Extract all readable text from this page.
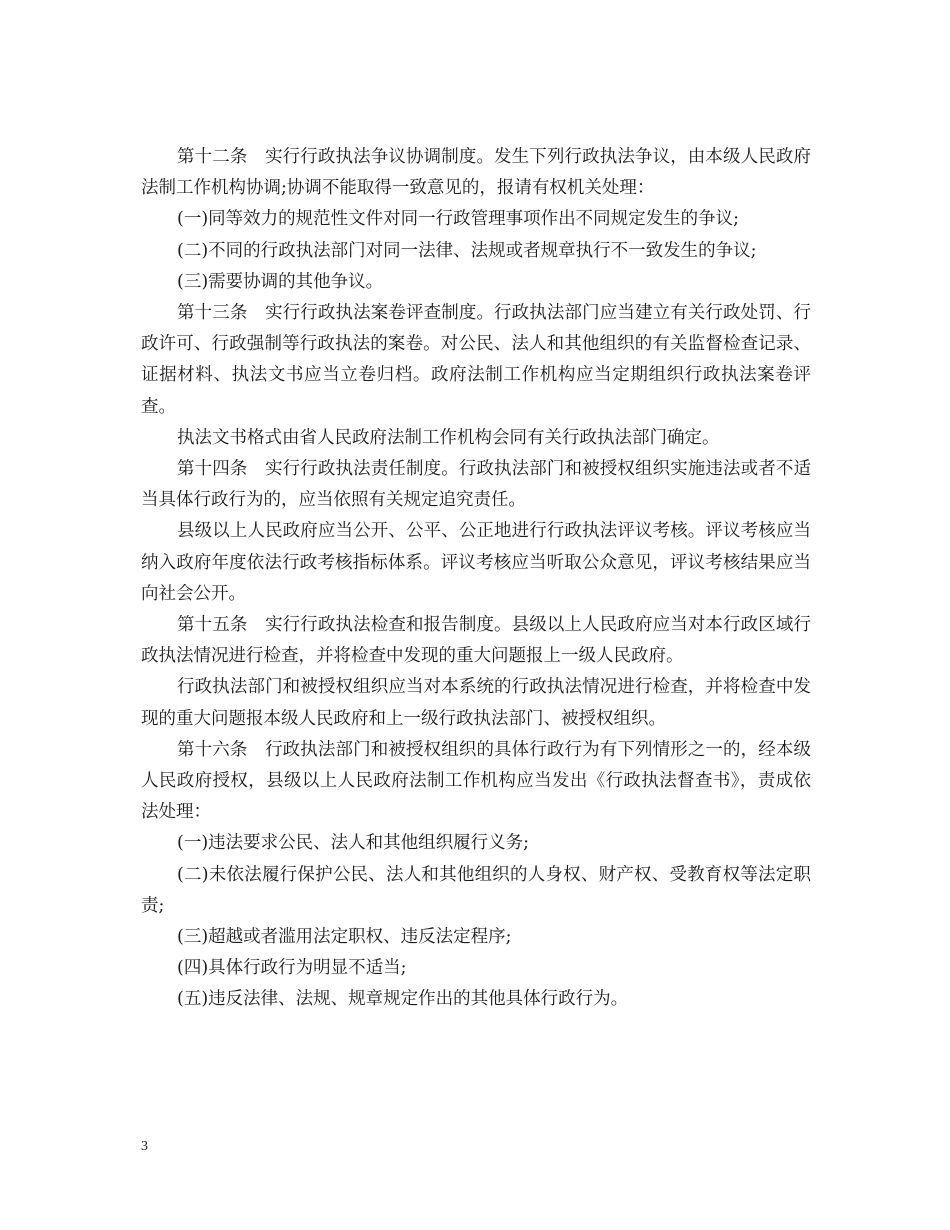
第十二条　实行行政执法争议协调制度。发生下列行政执法争议，由本级人民政府法制工作机构协调;协调不能取得一致意见的，报请有权机关处理：

(一)同等效力的规范性文件对同一行政管理事项作出不同规定发生的争议;

(二)不同的行政执法部门对同一法律、法规或者规章执行不一致发生的争议;

(三)需要协调的其他争议。

第十三条　实行行政执法案卷评查制度。行政执法部门应当建立有关行政处罚、行政许可、行政强制等行政执法的案卷。对公民、法人和其他组织的有关监督检查记录、证据材料、执法文书应当立卷归档。政府法制工作机构应当定期组织行政执法案卷评查。

执法文书格式由省人民政府法制工作机构会同有关行政执法部门确定。

第十四条　实行行政执法责任制度。行政执法部门和被授权组织实施违法或者不适当具体行政行为的，应当依照有关规定追究责任。

县级以上人民政府应当公开、公平、公正地进行行政执法评议考核。评议考核应当纳入政府年度依法行政考核指标体系。评议考核应当听取公众意见，评议考核结果应当向社会公开。

第十五条　实行行政执法检查和报告制度。县级以上人民政府应当对本行政区域行政执法情况进行检查，并将检查中发现的重大问题报上一级人民政府。

行政执法部门和被授权组织应当对本系统的行政执法情况进行检查，并将检查中发现的重大问题报本级人民政府和上一级行政执法部门、被授权组织。

第十六条　行政执法部门和被授权组织的具体行政行为有下列情形之一的，经本级人民政府授权，县级以上人民政府法制工作机构应当发出《行政执法督查书》，责成依法处理：

(一)违法要求公民、法人和其他组织履行义务;

(二)未依法履行保护公民、法人和其他组织的人身权、财产权、受教育权等法定职责;

(三)超越或者滥用法定职权、违反法定程序;

(四)具体行政行为明显不适当;

(五)违反法律、法规、规章规定作出的其他具体行政行为。

3
